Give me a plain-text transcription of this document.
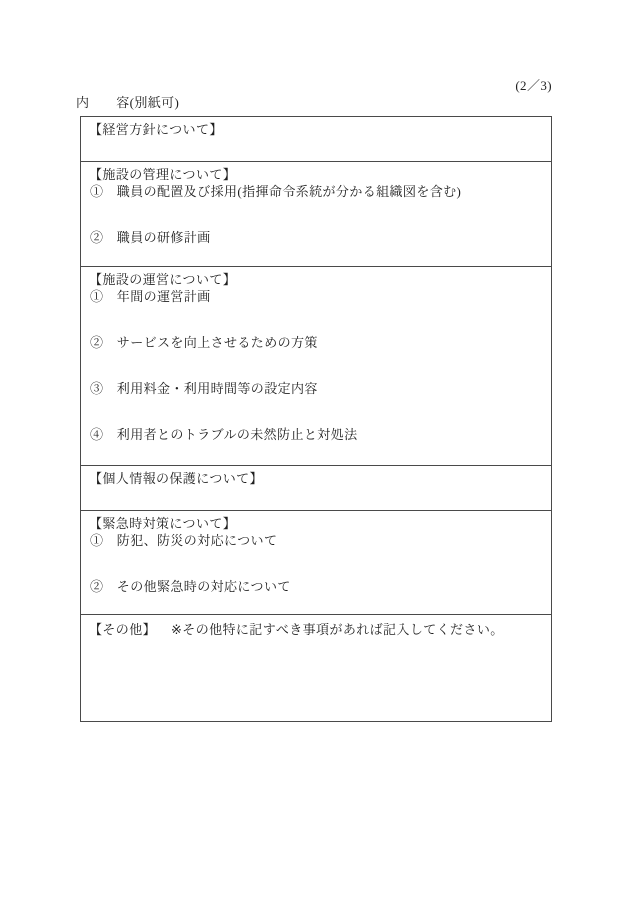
(2／3)
内　　容(別紙可)
【経営方針について】
【施設の管理について】
①　職員の配置及び採用(指揮命令系統が分かる組織図を含む)
②　職員の研修計画
【施設の運営について】
①　年間の運営計画
②　サービスを向上させるための方策
③　利用料金・利用時間等の設定内容
④　利用者とのトラブルの未然防止と対処法
【個人情報の保護について】
【緊急時対策について】
①　防犯、防災の対応について
②　その他緊急時の対応について
【その他】 ※その他特に記すべき事項があれば記入してください。
